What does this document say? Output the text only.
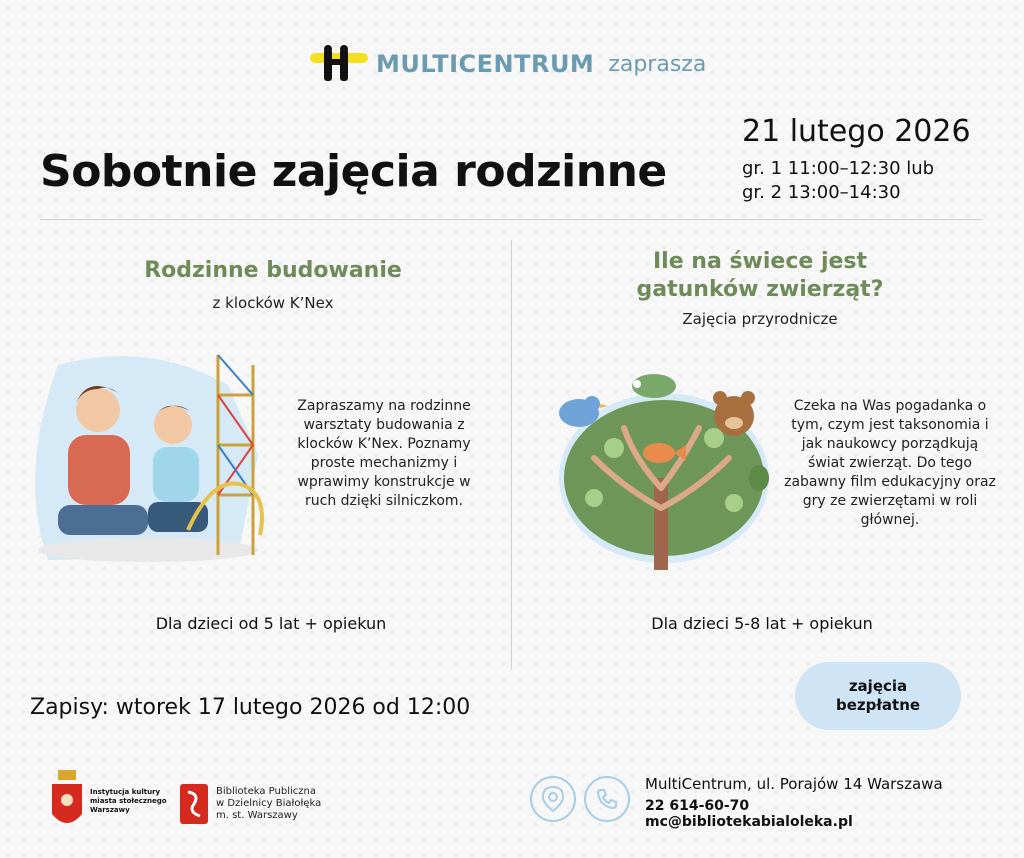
MULTICENTRUM zaprasza
Sobotnie zajęcia rodzinne
21 lutego 2026
gr. 1 11:00–12:30 lub
gr. 2 13:00–14:30
Rodzinne budowanie
z klocków K’Nex
Zapraszamy na rodzinne warsztaty budowania z klocków K’Nex. Poznamy proste mechanizmy i wprawimy konstrukcje w ruch dzięki silniczkom.
Dla dzieci od 5 lat + opiekun
Ile na świece jest
gatunków zwierząt?
Zajęcia przyrodnicze
Czeka na Was pogadanka o tym, czym jest taksonomia i jak naukowcy porządkują świat zwierząt. Do tego zabawny film edukacyjny oraz gry ze zwierzętami w roli głównej.
Dla dzieci 5-8 lat + opiekun
Zapisy: wtorek 17 lutego 2026 od 12:00
zajęcia
bezpłatne
Instytucja kultury
miasta stołecznego
Warszawy
Biblioteka Publiczna
w Dzielnicy Białołęka
m. st. Warszawy
MultiCentrum, ul. Porajów 14 Warszawa
22 614-60-70
mc@bibliotekabialoleka.pl
